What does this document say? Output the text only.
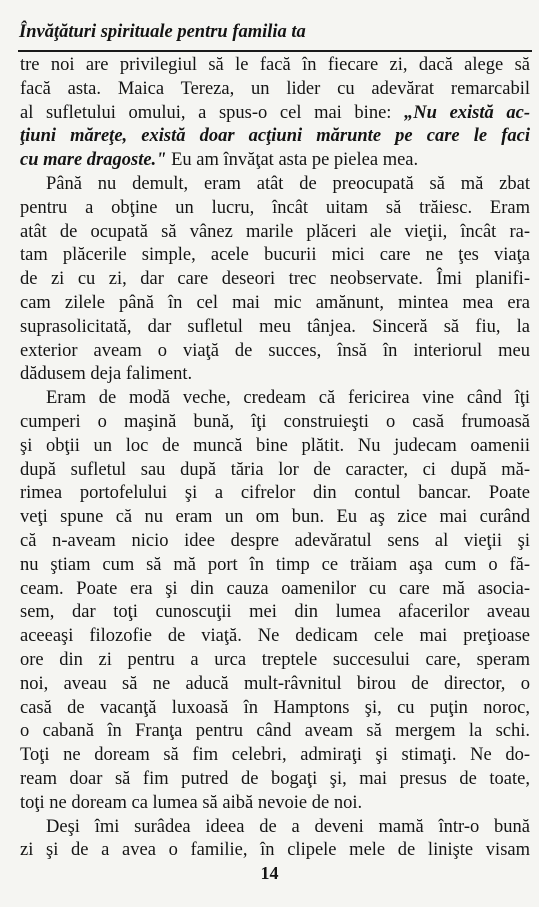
Învăţături spirituale pentru familia ta
tre noi are privilegiul să le facă în fiecare zi, dacă alege să
facă asta. Maica Tereza, un lider cu adevărat remarcabil
al sufletului omului, a spus-o cel mai bine: „Nu există ac-
ţiuni măreţe, există doar acţiuni mărunte pe care le faci
cu mare dragoste." Eu am învăţat asta pe pielea mea.
Până nu demult, eram atât de preocupată să mă zbat
pentru a obţine un lucru, încât uitam să trăiesc. Eram
atât de ocupată să vânez marile plăceri ale vieţii, încât ra-
tam plăcerile simple, acele bucurii mici care ne ţes viaţa
de zi cu zi, dar care deseori trec neobservate. Îmi planifi-
cam zilele până în cel mai mic amănunt, mintea mea era
suprasolicitată, dar sufletul meu tânjea. Sinceră să fiu, la
exterior aveam o viaţă de succes, însă în interiorul meu
dădusem deja faliment.
Eram de modă veche, credeam că fericirea vine când îţi
cumperi o maşină bună, îţi construieşti o casă frumoasă
şi obţii un loc de muncă bine plătit. Nu judecam oamenii
după sufletul sau după tăria lor de caracter, ci după mă-
rimea portofelului şi a cifrelor din contul bancar. Poate
veţi spune că nu eram un om bun. Eu aş zice mai curând
că n-aveam nicio idee despre adevăratul sens al vieţii şi
nu ştiam cum să mă port în timp ce trăiam aşa cum o fă-
ceam. Poate era şi din cauza oamenilor cu care mă asocia-
sem, dar toţi cunoscuţii mei din lumea afacerilor aveau
aceeaşi filozofie de viaţă. Ne dedicam cele mai preţioase
ore din zi pentru a urca treptele succesului care, speram
noi, aveau să ne aducă mult-râvnitul birou de director, o
casă de vacanţă luxoasă în Hamptons şi, cu puţin noroc,
o cabană în Franţa pentru când aveam să mergem la schi.
Toţi ne doream să fim celebri, admiraţi şi stimaţi. Ne do-
ream doar să fim putred de bogaţi şi, mai presus de toate,
toţi ne doream ca lumea să aibă nevoie de noi.
Deşi îmi surâdea ideea de a deveni mamă într-o bună
zi şi de a avea o familie, în clipele mele de linişte visam
14
